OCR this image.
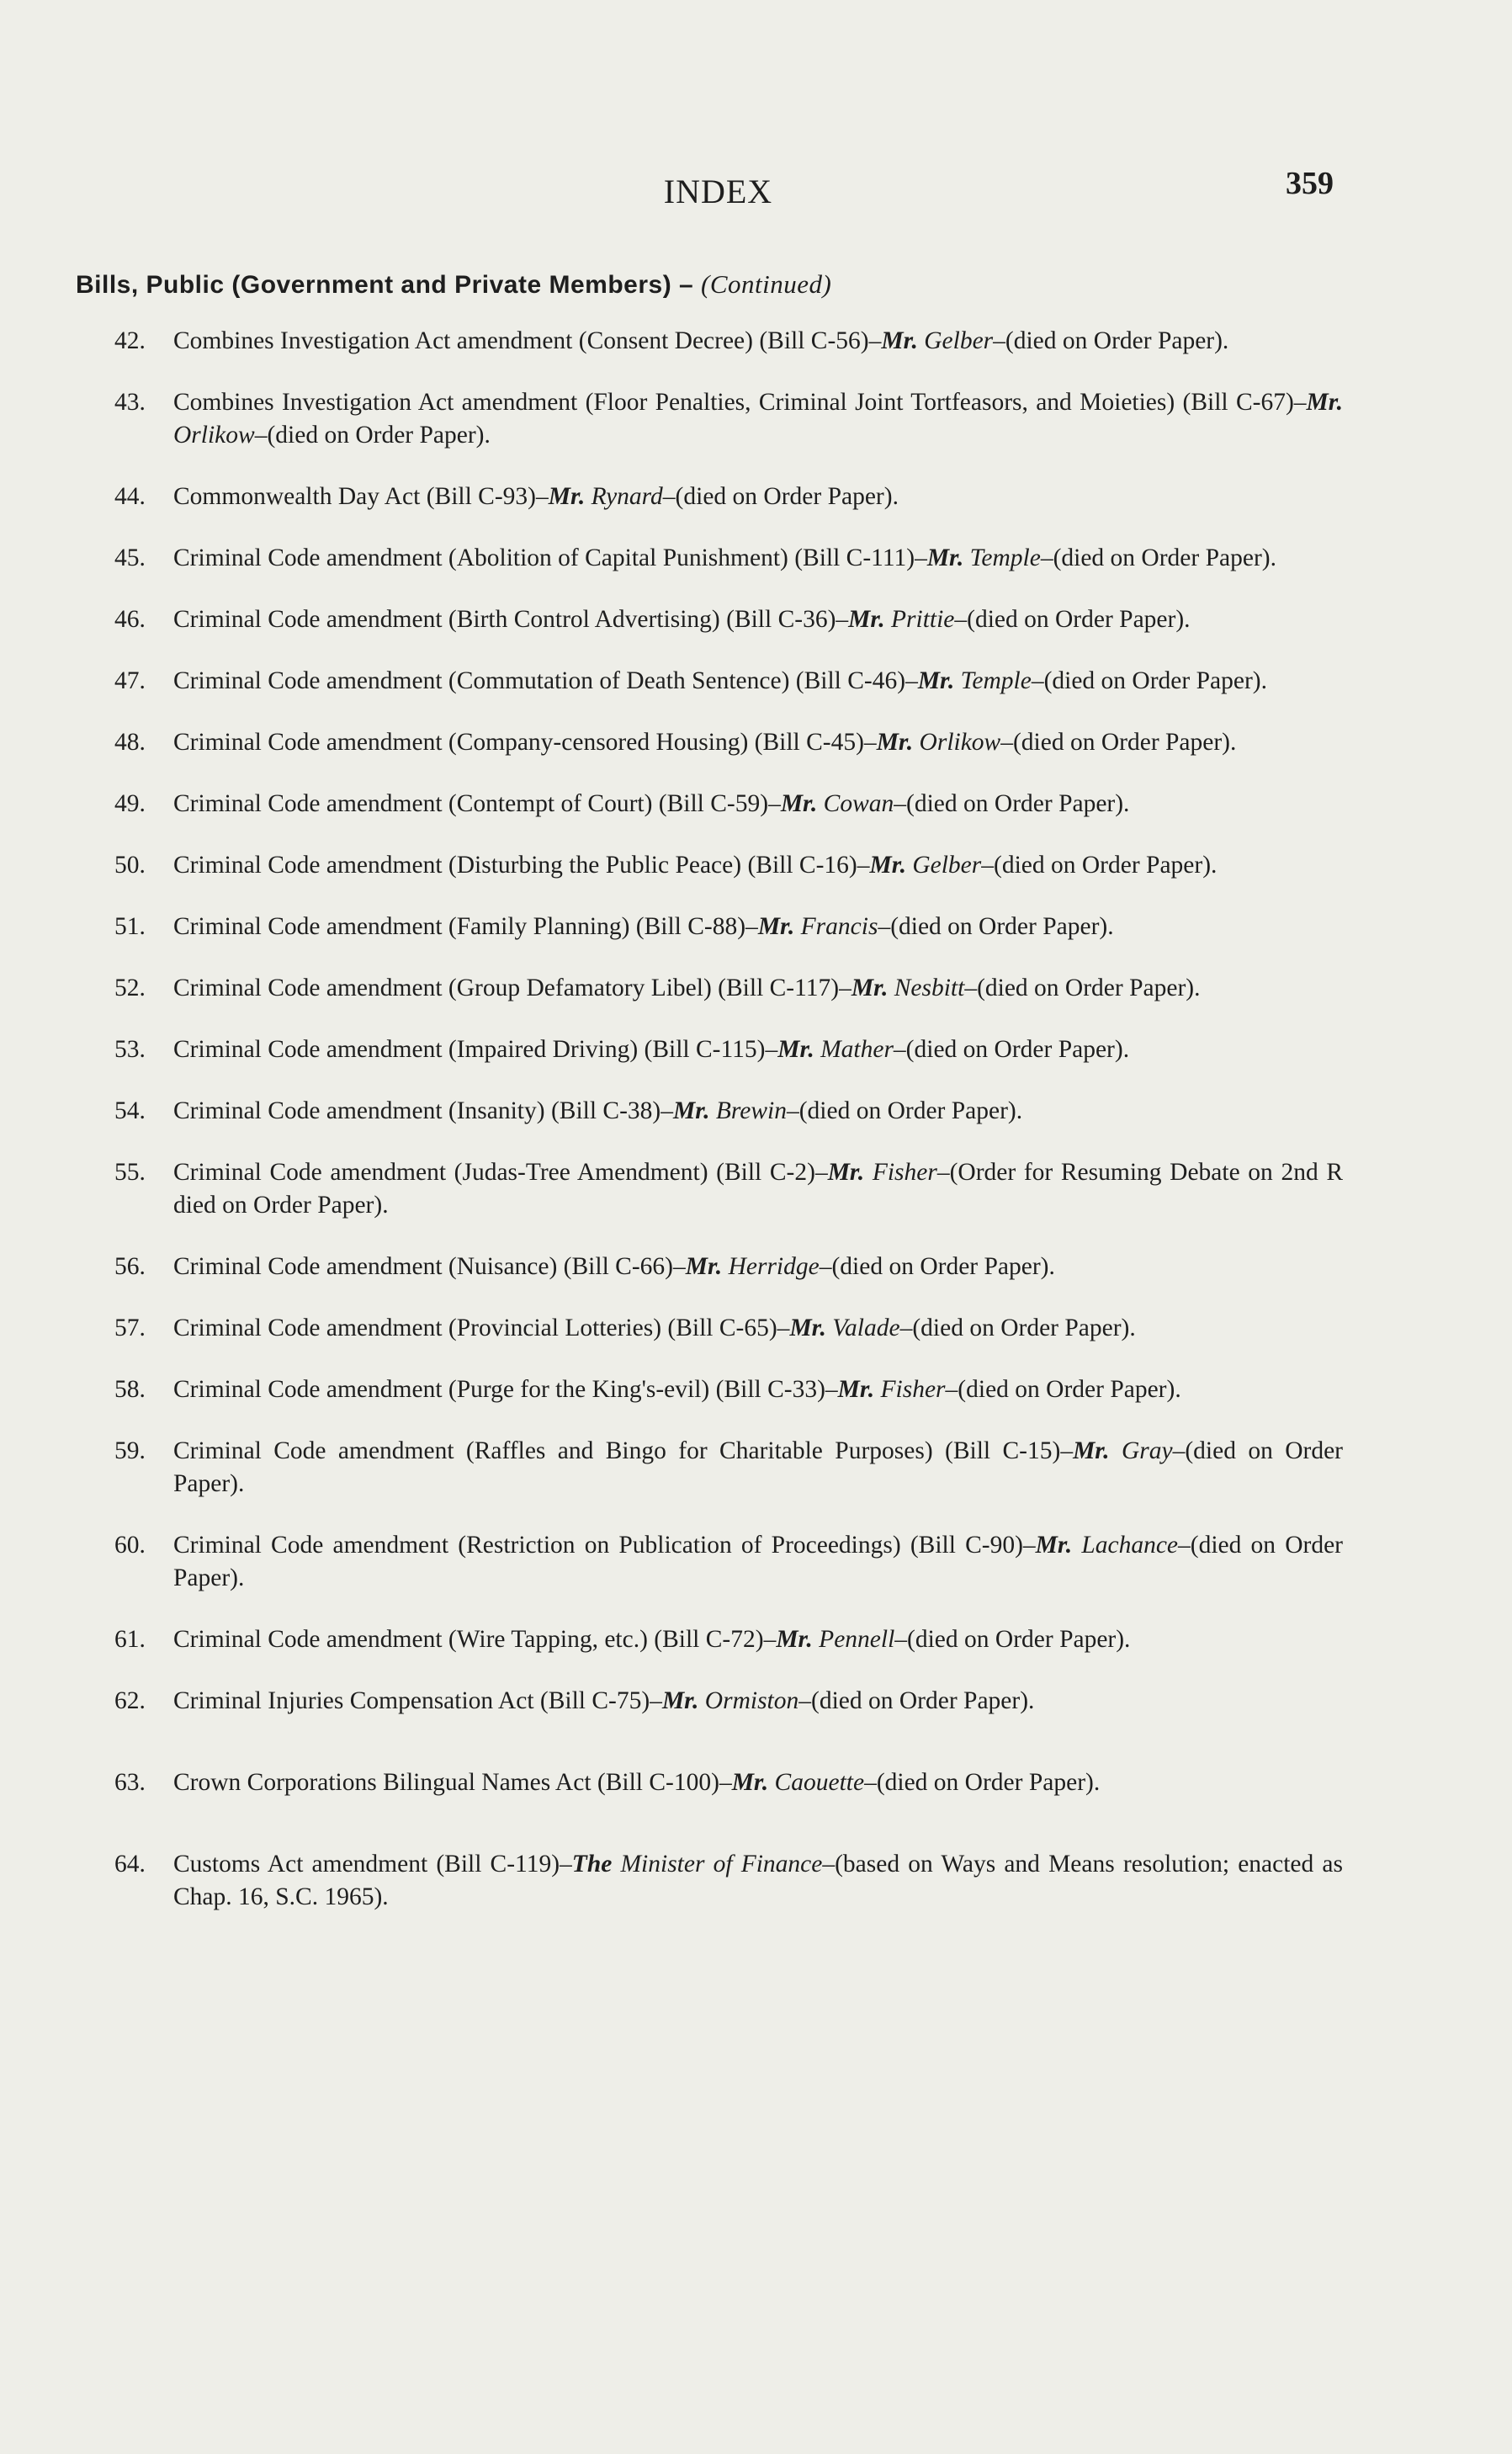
INDEX	359
Bills, Public (Government and Private Members) – (Continued)
42. Combines Investigation Act amendment (Consent Decree) (Bill C-56)–Mr. Gelber–(died on Order Paper).
43. Combines Investigation Act amendment (Floor Penalties, Criminal Joint Tortfeasors, and Moieties) (Bill C-67)–Mr. Orlikow–(died on Order Paper).
44. Commonwealth Day Act (Bill C-93)–Mr. Rynard–(died on Order Paper).
45. Criminal Code amendment (Abolition of Capital Punishment) (Bill C-111)–Mr. Temple–(died on Order Paper).
46. Criminal Code amendment (Birth Control Advertising) (Bill C-36)–Mr. Prittie–(died on Order Paper).
47. Criminal Code amendment (Commutation of Death Sentence) (Bill C-46)–Mr. Temple–(died on Order Paper).
48. Criminal Code amendment (Company-censored Housing) (Bill C-45)–Mr. Orlikow–(died on Order Paper).
49. Criminal Code amendment (Contempt of Court) (Bill C-59)–Mr. Cowan–(died on Order Paper).
50. Criminal Code amendment (Disturbing the Public Peace) (Bill C-16)–Mr. Gelber–(died on Order Paper).
51. Criminal Code amendment (Family Planning) (Bill C-88)–Mr. Francis–(died on Order Paper).
52. Criminal Code amendment (Group Defamatory Libel) (Bill C-117)–Mr. Nesbitt–(died on Order Paper).
53. Criminal Code amendment (Impaired Driving) (Bill C-115)–Mr. Mather–(died on Order Paper).
54. Criminal Code amendment (Insanity) (Bill C-38)–Mr. Brewin–(died on Order Paper).
55. Criminal Code amendment (Judas-Tree Amendment) (Bill C-2)–Mr. Fisher–(Order for Resuming Debate on 2nd R died on Order Paper).
56. Criminal Code amendment (Nuisance) (Bill C-66)–Mr. Herridge–(died on Order Paper).
57. Criminal Code amendment (Provincial Lotteries) (Bill C-65)–Mr. Valade–(died on Order Paper).
58. Criminal Code amendment (Purge for the King's-evil) (Bill C-33)–Mr. Fisher–(died on Order Paper).
59. Criminal Code amendment (Raffles and Bingo for Charitable Purposes) (Bill C-15)–Mr. Gray–(died on Order Paper).
60. Criminal Code amendment (Restriction on Publication of Proceedings) (Bill C-90)–Mr. Lachance–(died on Order Paper).
61. Criminal Code amendment (Wire Tapping, etc.) (Bill C-72)–Mr. Pennell–(died on Order Paper).
62. Criminal Injuries Compensation Act (Bill C-75)–Mr. Ormiston–(died on Order Paper).
63. Crown Corporations Bilingual Names Act (Bill C-100)–Mr. Caouette–(died on Order Paper).
64. Customs Act amendment (Bill C-119)–The Minister of Finance–(based on Ways and Means resolution; enacted as Chap. 16, S.C. 1965).
